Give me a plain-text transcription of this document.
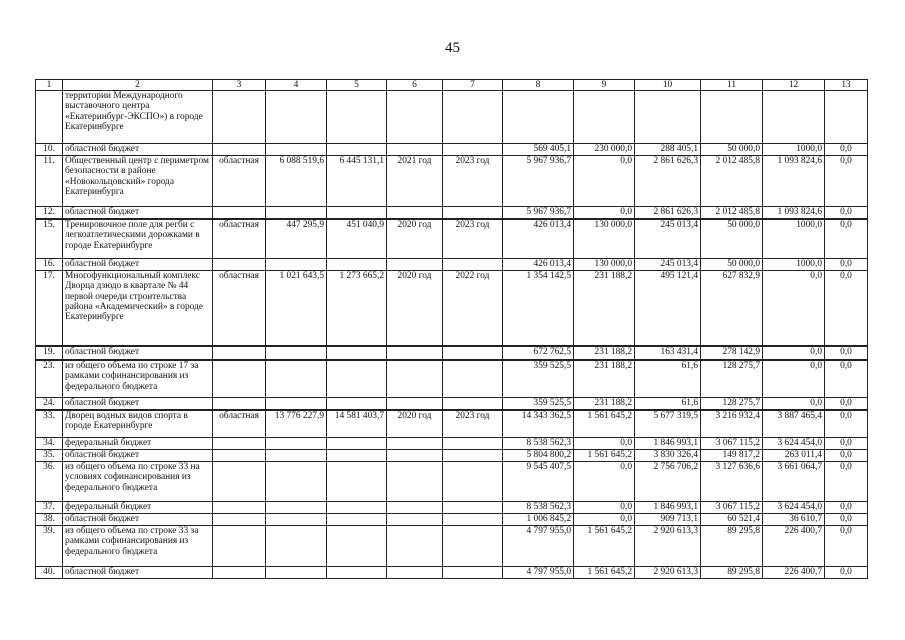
45
1	2	3	4	5	6	7	8	9	10	11	12	13
	территории Международного выставочного центра «Екатеринбург-ЭКСПО») в городе Екатеринбурге											
10.	областной бюджет						569 405,1	230 000,0	288 405,1	50 000,0	1000,0	0,0
11.	Общественный центр с периметром безопасности в районе «Новокольцовский» города Екатеринбурга	областная	6 088 519,6	6 445 131,1	2021 год	2023 год	5 967 936,7	0,0	2 861 626,3	2 012 485,8	1 093 824,6	0,0
12.	областной бюджет						5 967 936,7	0,0	2 861 626,3	2 012 485,8	1 093 824,6	0,0
15.	Тренировочное поле для регби с легкоатлетическими дорожками в городе Екатеринбурге	областная	447 295,9	451 040,9	2020 год	2023 год	426 013,4	130 000,0	245 013,4	50 000,0	1000,0	0,0
16.	областной бюджет						426 013,4	130 000,0	245 013,4	50 000,0	1000,0	0,0
17.	Многофункциональный комплекс Дворца дзюдо в квартале № 44 первой очереди строительства района «Академический» в городе Екатеринбурге	областная	1 021 643,5	1 273 665,2	2020 год	2022 год	1 354 142,5	231 188,2	495 121,4	627 832,9	0,0	0,0
19.	областной бюджет						672 762,5	231 188,2	163 431,4	278 142,9	0,0	0,0
23.	из общего объема по строке 17 за рамками софинансирования из федерального бюджета						359 525,5	231 188,2	61,6	128 275,7	0,0	0,0
24.	областной бюджет						359 525,5	231 188,2	61,6	128 275,7	0,0	0,0
33.	Дворец водных видов спорта в городе Екатеринбурге	областная	13 776 227,9	14 581 403,7	2020 год	2023 год	14 343 362,5	1 561 645,2	5 677 319,5	3 216 932,4	3 887 465,4	0,0
34.	федеральный бюджет						8 538 562,3	0,0	1 846 993,1	3 067 115,2	3 624 454,0	0,0
35.	областной бюджет						5 804 800,2	1 561 645,2	3 830 326,4	149 817,2	263 011,4	0,0
36.	из общего объема по строке 33 на условиях софинансирования из федерального бюджета						9 545 407,5	0,0	2 756 706,2	3 127 636,6	3 661 064,7	0,0
37.	федеральный бюджет						8 538 562,3	0,0	1 846 993,1	3 067 115,2	3 624 454,0	0,0
38.	областной бюджет						1 006 845,2	0,0	909 713,1	60 521,4	36 610,7	0,0
39.	из общего объема по строке 33 за рамками софинансирования из федерального бюджета						4 797 955,0	1 561 645,2	2 920 613,3	89 295,8	226 400,7	0,0
40.	областной бюджет						4 797 955,0	1 561 645,2	2 920 613,3	89 295,8	226 400,7	0,0
